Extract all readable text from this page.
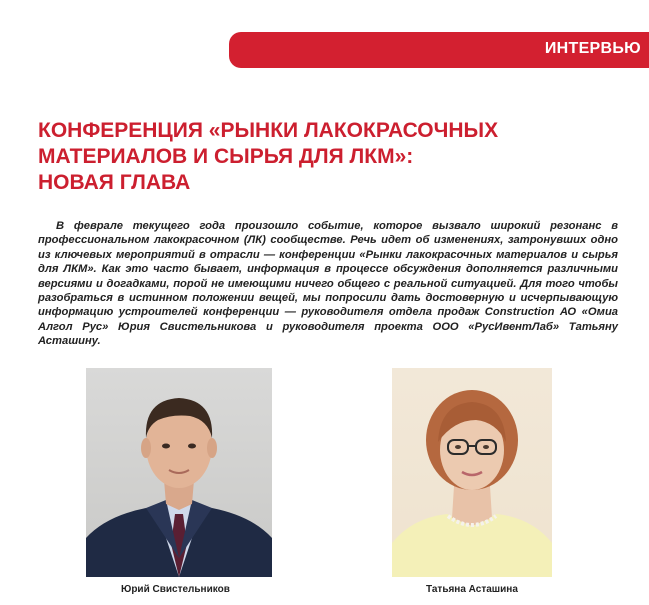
ИНТЕРВЬЮ
КОНФЕРЕНЦИЯ «РЫНКИ ЛАКОКРАСОЧНЫХ
МАТЕРИАЛОВ И СЫРЬЯ ДЛЯ ЛКМ»:
НОВАЯ ГЛАВА

В феврале текущего года произошло событие, которое вызвало широкий резонанс в профессиональном лакокрасочном (ЛК) сообществе. Речь идет об изменениях, затронувших одно из ключевых мероприятий в отрасли — конференции «Рынки лакокрасочных материалов и сырья для ЛКМ». Как это часто бывает, информация в процессе обсуждения дополняется различными версиями и догадками, порой не имеющими ничего общего с реальной ситуацией. Для того чтобы разобраться в истинном положении вещей, мы попросили дать достоверную и исчерпывающую информацию устроителей конференции — руководителя отдела продаж Construction АО «Омиа Алгол Рус» Юрия Свистельникова и руководителя проекта ООО «РусИвентЛаб» Татьяну Асташину.

Юрий Свистельников	Татьяна Асташина
